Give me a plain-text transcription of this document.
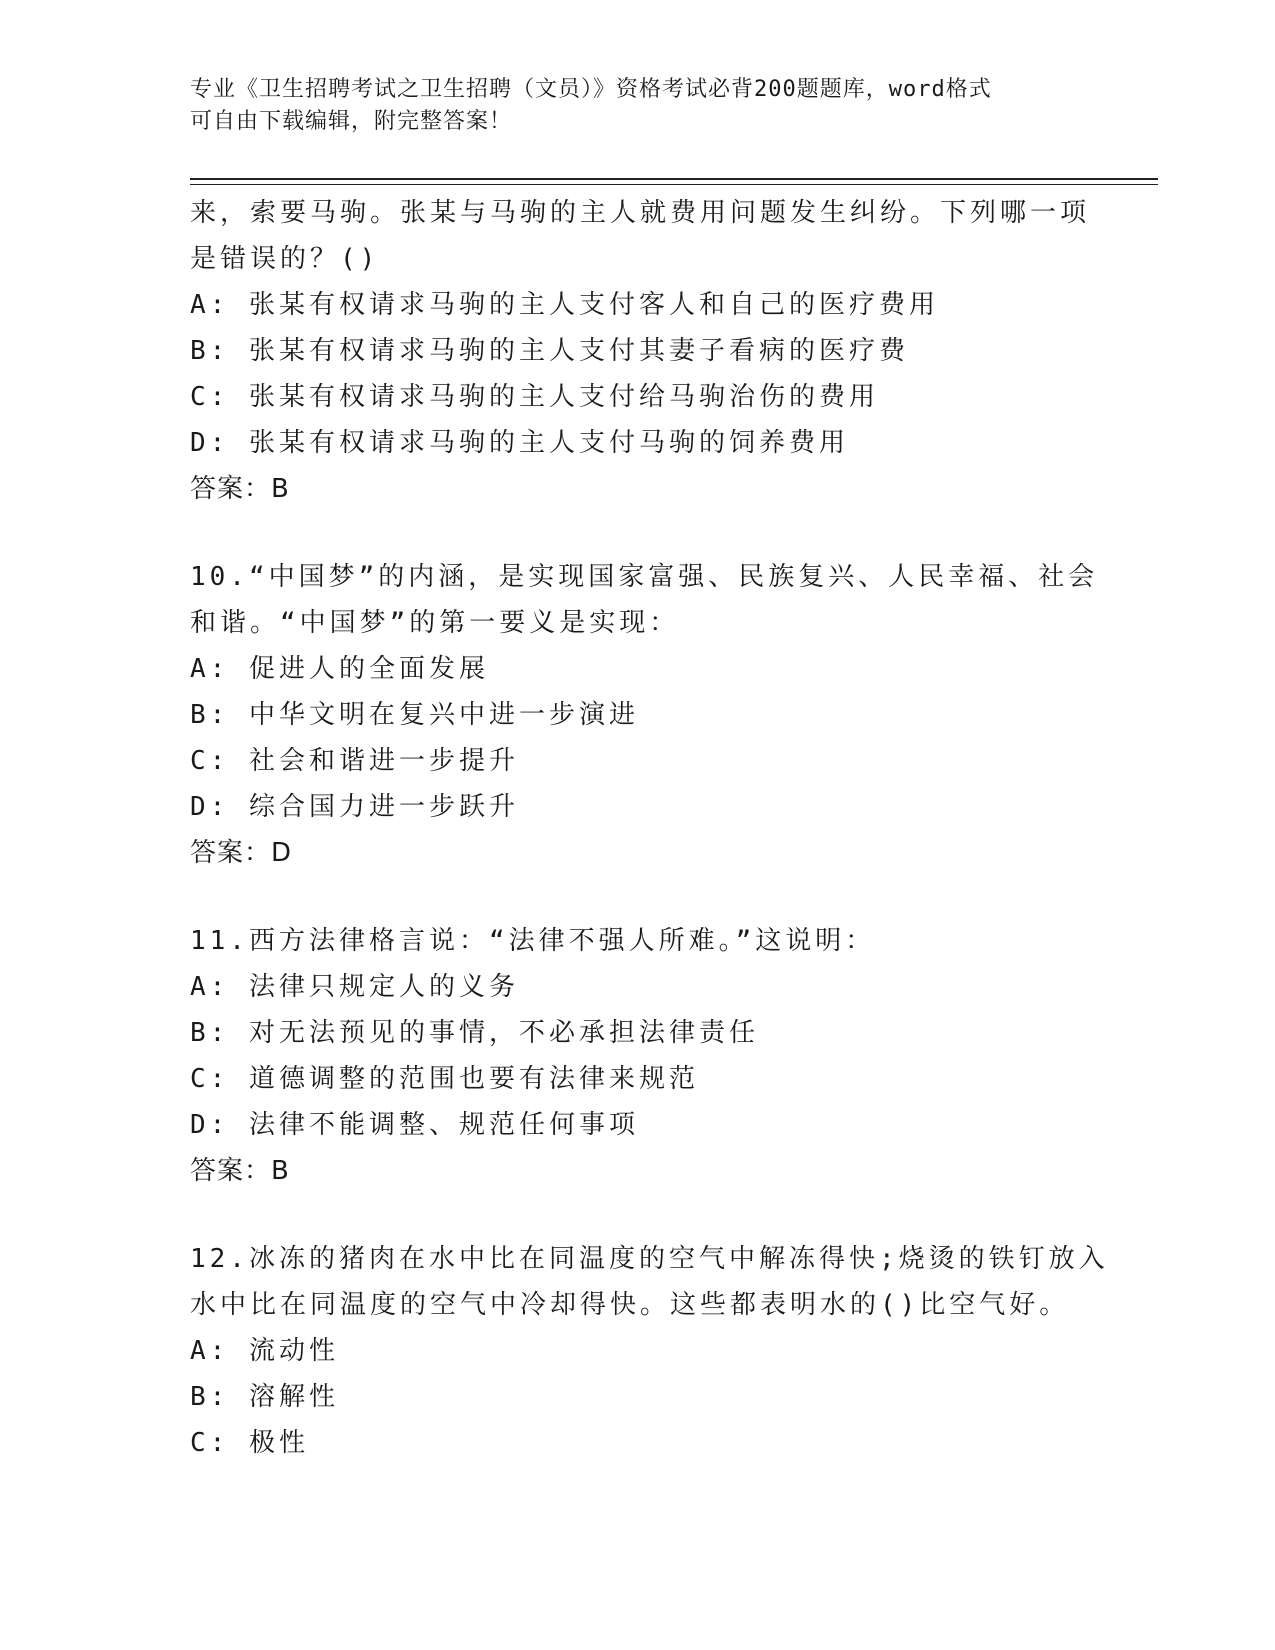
专业《卫生招聘考试之卫生招聘（文员）》资格考试必背200题题库，word格式
可自由下载编辑，附完整答案！
来，索要马驹。张某与马驹的主人就费用问题发生纠纷。下列哪一项
是错误的？()
A: 张某有权请求马驹的主人支付客人和自己的医疗费用
B: 张某有权请求马驹的主人支付其妻子看病的医疗费
C: 张某有权请求马驹的主人支付给马驹治伤的费用
D: 张某有权请求马驹的主人支付马驹的饲养费用
答案：B
10.“中国梦”的内涵，是实现国家富强、民族复兴、人民幸福、社会
和谐。“中国梦”的第一要义是实现：
A: 促进人的全面发展
B: 中华文明在复兴中进一步演进
C: 社会和谐进一步提升
D: 综合国力进一步跃升
答案：D
11.西方法律格言说：“法律不强人所难。”这说明：
A: 法律只规定人的义务
B: 对无法预见的事情，不必承担法律责任
C: 道德调整的范围也要有法律来规范
D: 法律不能调整、规范任何事项
答案：B
12.冰冻的猪肉在水中比在同温度的空气中解冻得快;烧烫的铁钉放入
水中比在同温度的空气中冷却得快。这些都表明水的()比空气好。
A: 流动性
B: 溶解性
C: 极性
